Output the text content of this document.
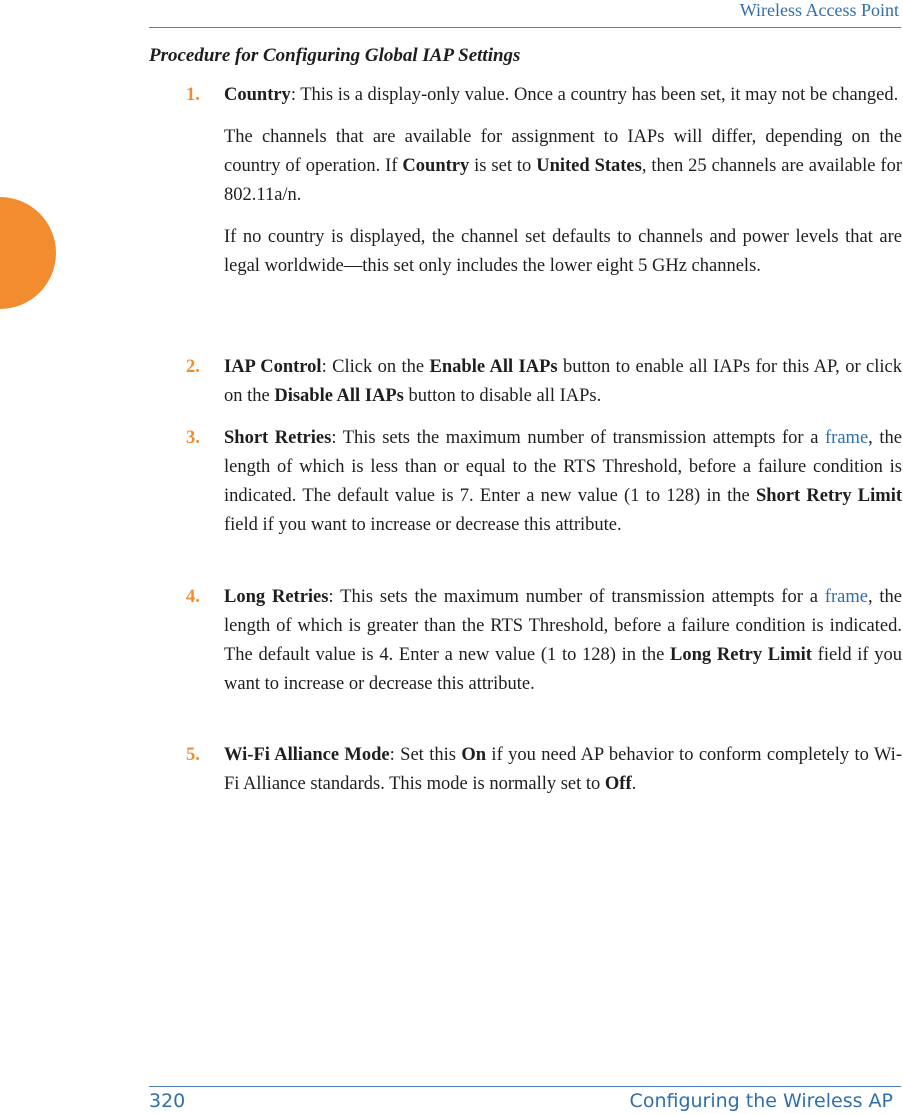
Wireless Access Point
Procedure for Configuring Global IAP Settings
1.	Country: This is a display-only value. Once a country has been set, it may not be changed.

The channels that are available for assignment to IAPs will differ, depending on the country of operation. If Country is set to United States, then 25 channels are available for 802.11a/n.

If no country is displayed, the channel set defaults to channels and power levels that are legal worldwide—this set only includes the lower eight 5 GHz channels.

2.	IAP Control: Click on the Enable All IAPs button to enable all IAPs for this AP, or click on the Disable All IAPs button to disable all IAPs.

3.	Short Retries: This sets the maximum number of transmission attempts for a frame, the length of which is less than or equal to the RTS Threshold, before a failure condition is indicated. The default value is 7. Enter a new value (1 to 128) in the Short Retry Limit field if you want to increase or decrease this attribute.

4.	Long Retries: This sets the maximum number of transmission attempts for a frame, the length of which is greater than the RTS Threshold, before a failure condition is indicated. The default value is 4. Enter a new value (1 to 128) in the Long Retry Limit field if you want to increase or decrease this attribute.

5.	Wi-Fi Alliance Mode: Set this On if you need AP behavior to conform completely to Wi-Fi Alliance standards. This mode is normally set to Off.

320	Configuring the Wireless AP
